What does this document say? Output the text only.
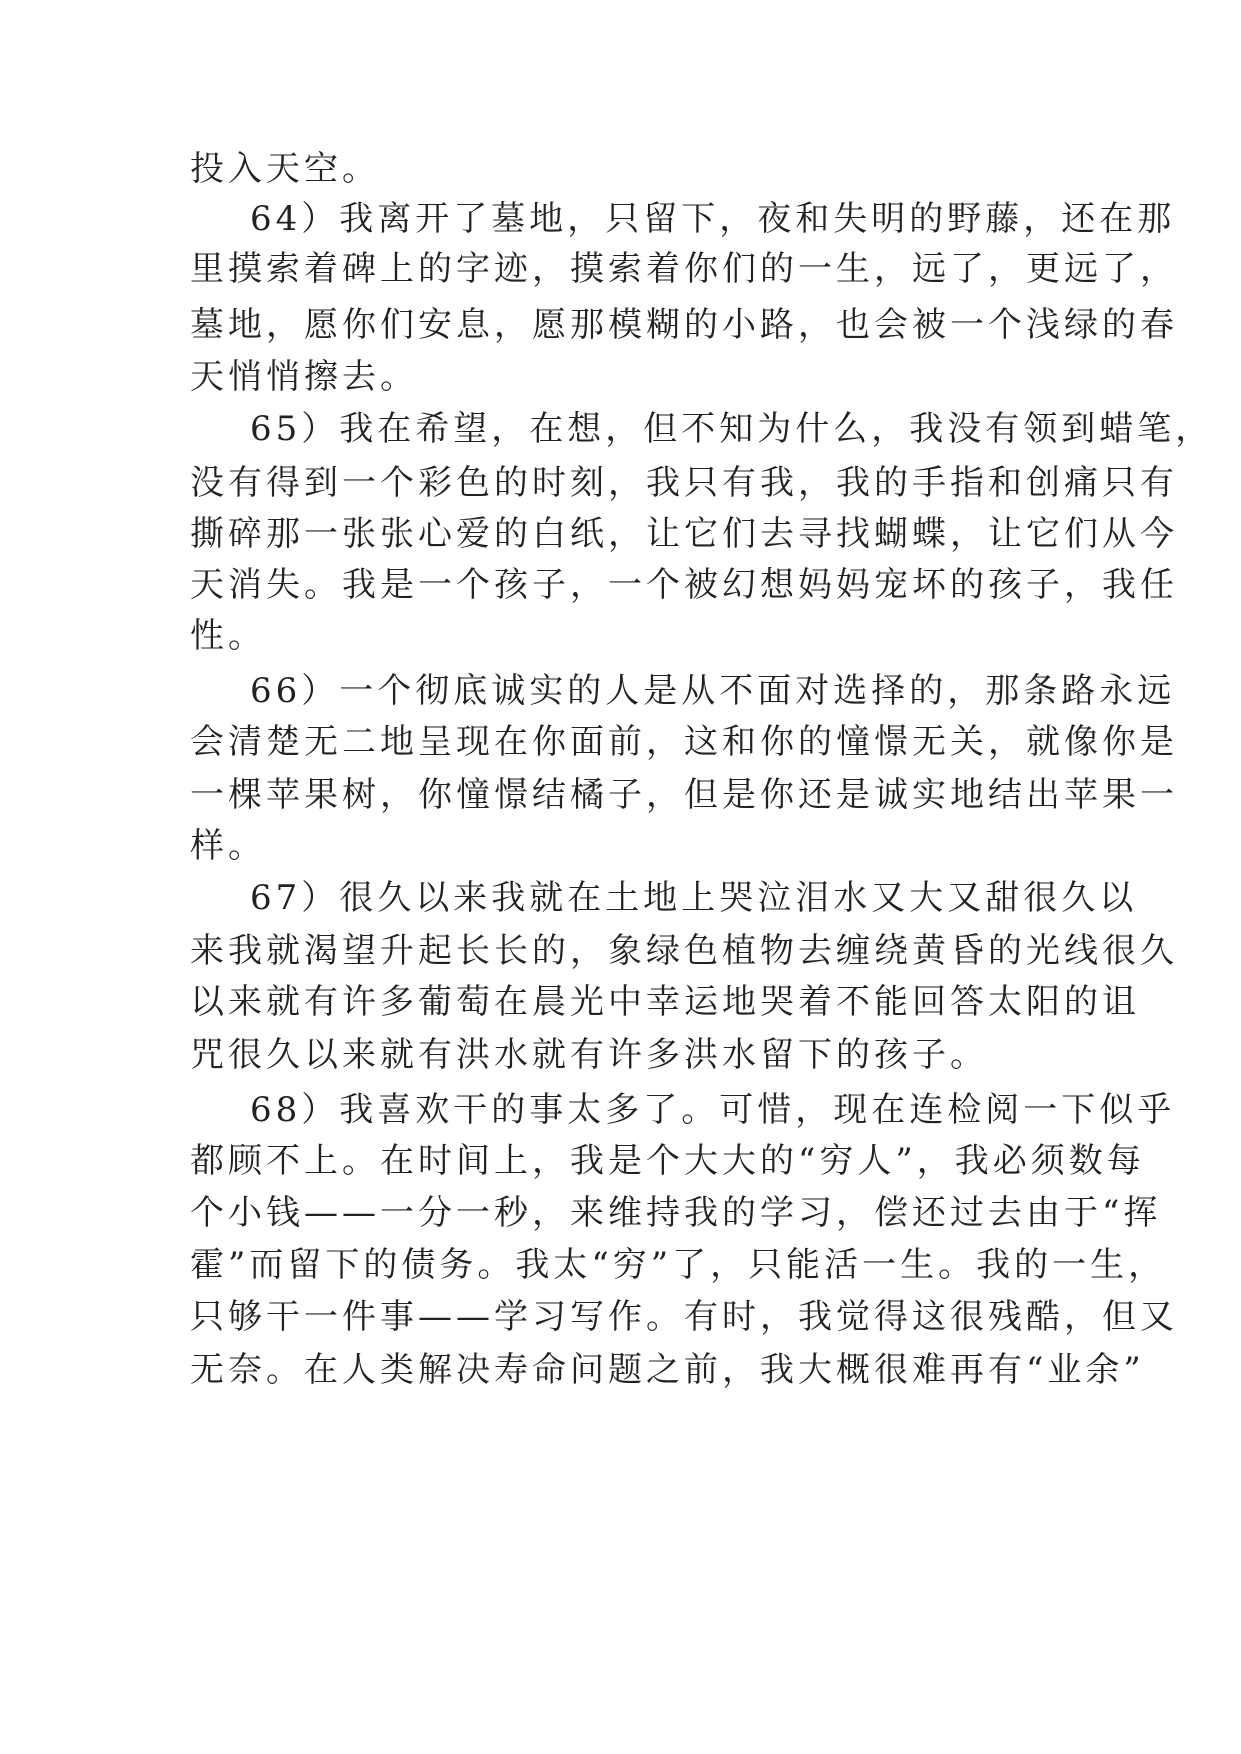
投入天空。
64）我离开了墓地，只留下，夜和失明的野藤，还在那
里摸索着碑上的字迹，摸索着你们的一生，远了，更远了，
墓地，愿你们安息，愿那模糊的小路，也会被一个浅绿的春
天悄悄擦去。
65）我在希望，在想，但不知为什么，我没有领到蜡笔，
没有得到一个彩色的时刻，我只有我，我的手指和创痛只有
撕碎那一张张心爱的白纸，让它们去寻找蝴蝶，让它们从今
天消失。我是一个孩子，一个被幻想妈妈宠坏的孩子，我任
性。
66）一个彻底诚实的人是从不面对选择的，那条路永远
会清楚无二地呈现在你面前，这和你的憧憬无关，就像你是
一棵苹果树，你憧憬结橘子，但是你还是诚实地结出苹果一
样。
67）很久以来我就在土地上哭泣泪水又大又甜很久以
来我就渴望升起长长的，象绿色植物去缠绕黄昏的光线很久
以来就有许多葡萄在晨光中幸运地哭着不能回答太阳的诅
咒很久以来就有洪水就有许多洪水留下的孩子。
68）我喜欢干的事太多了。可惜，现在连检阅一下似乎
都顾不上。在时间上，我是个大大的“穷人”，我必须数每
个小钱——一分一秒，来维持我的学习，偿还过去由于“挥
霍”而留下的债务。我太“穷”了，只能活一生。我的一生，
只够干一件事——学习写作。有时，我觉得这很残酷，但又
无奈。在人类解决寿命问题之前，我大概很难再有“业余”
